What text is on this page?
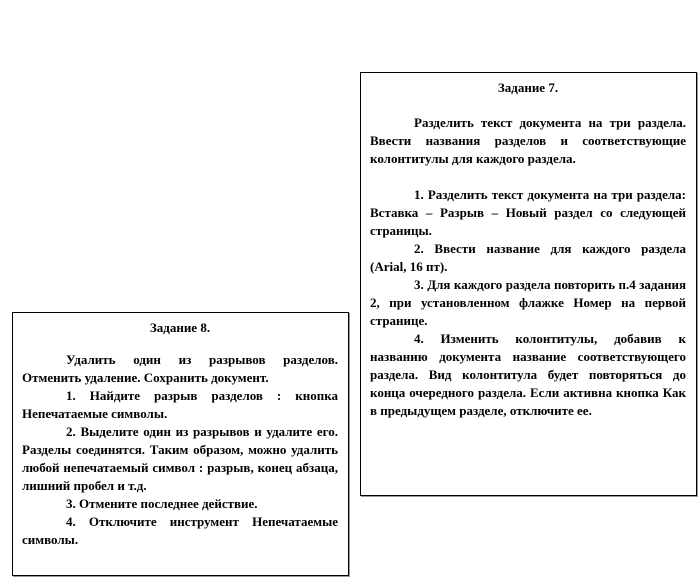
Задание 7.

Разделить текст документа на три раздела. Ввести названия разделов и соответствующие колонтитулы для каждого раздела.

1. Разделить текст документа на три раздела: Вставка – Разрыв – Новый раздел со следующей страницы.

2. Ввести название для каждого раздела (Arial, 16 пт).

3. Для каждого раздела повторить п.4 задания 2, при установленном флажке Номер на первой странице.

4. Изменить колонтитулы, добавив к названию документа название соответствующего раздела. Вид колонтитула будет повторяться до конца очередного раздела. Если активна кнопка Как в предыдущем разделе, отключите ее.

Задание 8.

Удалить один из разрывов разделов. Отменить удаление. Сохранить документ.

1. Найдите разрыв разделов : кнопка Непечатаемые символы.

2. Выделите один из разрывов и удалите его. Разделы соединятся. Таким образом, можно удалить любой непечатаемый символ : разрыв, конец абзаца, лишний пробел и т.д.

3. Отмените последнее действие.

4. Отключите инструмент Непечатаемые символы.
